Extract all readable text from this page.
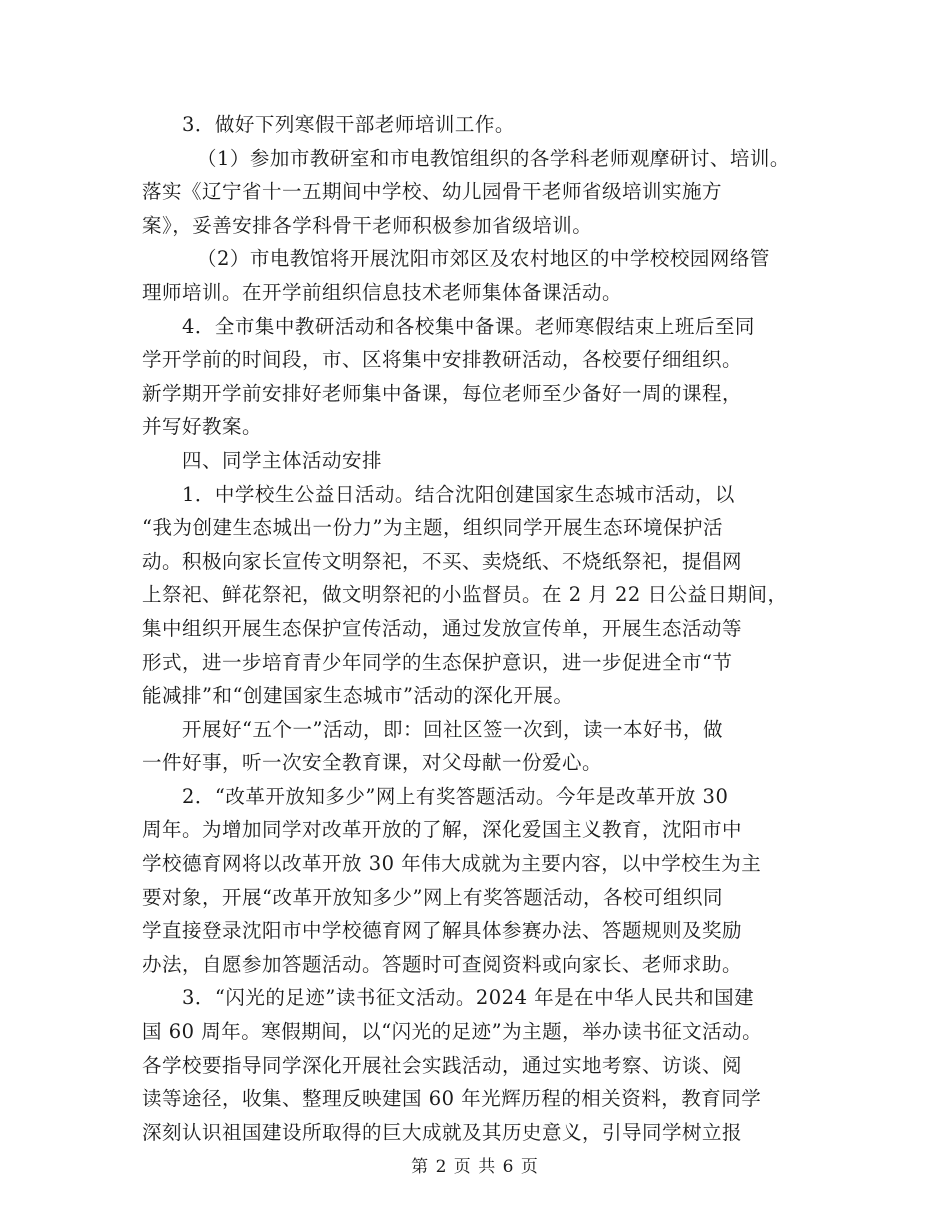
3．做好下列寒假干部老师培训工作。
（1）参加市教研室和市电教馆组织的各学科老师观摩研讨、培训。
落实《辽宁省十一五期间中学校、幼儿园骨干老师省级培训实施方
案》，妥善安排各学科骨干老师积极参加省级培训。
（2）市电教馆将开展沈阳市郊区及农村地区的中学校校园网络管
理师培训。在开学前组织信息技术老师集体备课活动。
4．全市集中教研活动和各校集中备课。老师寒假结束上班后至同
学开学前的时间段，市、区将集中安排教研活动，各校要仔细组织。
新学期开学前安排好老师集中备课，每位老师至少备好一周的课程，
并写好教案。
四、同学主体活动安排
1．中学校生公益日活动。结合沈阳创建国家生态城市活动，以
“我为创建生态城出一份力”为主题，组织同学开展生态环境保护活
动。积极向家长宣传文明祭祀，不买、卖烧纸、不烧纸祭祀，提倡网
上祭祀、鲜花祭祀，做文明祭祀的小监督员。在 2 月 22 日公益日期间，
集中组织开展生态保护宣传活动，通过发放宣传单，开展生态活动等
形式，进一步培育青少年同学的生态保护意识，进一步促进全市“节
能减排”和“创建国家生态城市”活动的深化开展。
开展好“五个一”活动，即：回社区签一次到，读一本好书，做
一件好事，听一次安全教育课，对父母献一份爱心。
2．“改革开放知多少”网上有奖答题活动。今年是改革开放 30
周年。为增加同学对改革开放的了解，深化爱国主义教育，沈阳市中
学校德育网将以改革开放 30 年伟大成就为主要内容，以中学校生为主
要对象，开展“改革开放知多少”网上有奖答题活动，各校可组织同
学直接登录沈阳市中学校德育网了解具体参赛办法、答题规则及奖励
办法，自愿参加答题活动。答题时可查阅资料或向家长、老师求助。
3．“闪光的足迹”读书征文活动。2024 年是在中华人民共和国建
国 60 周年。寒假期间，以“闪光的足迹”为主题，举办读书征文活动。
各学校要指导同学深化开展社会实践活动，通过实地考察、访谈、阅
读等途径，收集、整理反映建国 60 年光辉历程的相关资料，教育同学
深刻认识祖国建设所取得的巨大成就及其历史意义，引导同学树立报
第 2 页 共 6 页
